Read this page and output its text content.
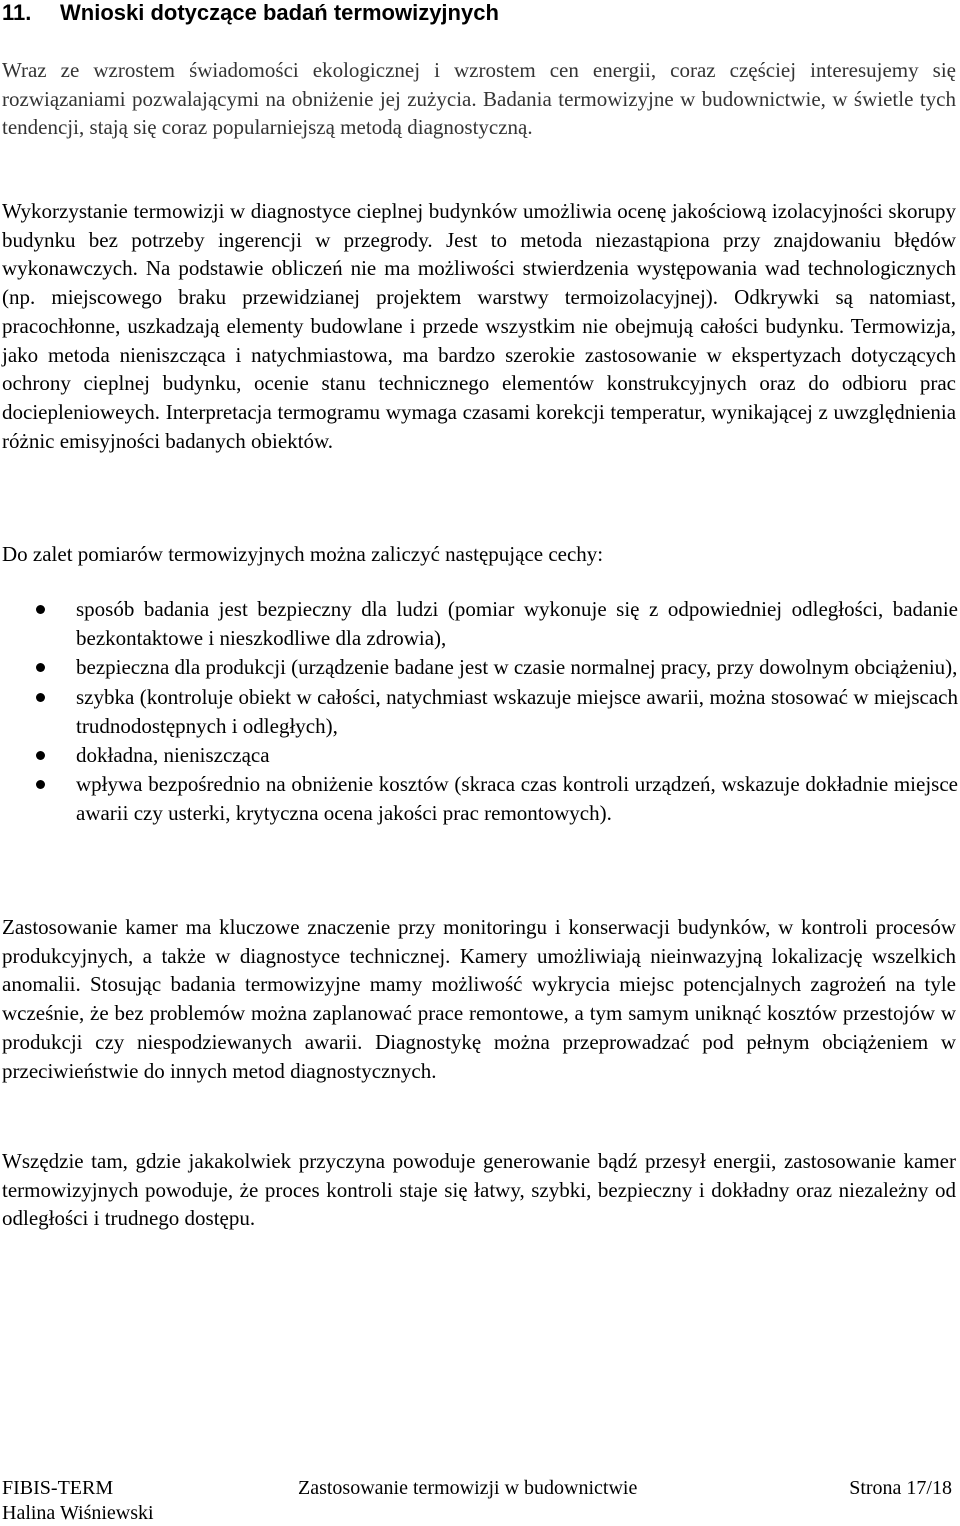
11. Wnioski dotyczące badań termowizyjnych
Wraz ze wzrostem świadomości ekologicznej i wzrostem cen energii, coraz częściej interesujemy się rozwiązaniami pozwalającymi na obniżenie jej zużycia. Badania termowizyjne w budownictwie, w świetle tych tendencji, stają się coraz popularniejszą metodą diagnostyczną.
Wykorzystanie termowizji w diagnostyce cieplnej budynków umożliwia ocenę jakościową izolacyjności skorupy budynku bez potrzeby ingerencji w przegrody. Jest to metoda niezastąpiona przy znajdowaniu błędów wykonawczych. Na podstawie obliczeń nie ma możliwości stwierdzenia występowania wad technologicznych (np. miejscowego braku przewidzianej projektem warstwy termoizolacyjnej). Odkrywki są natomiast, pracochłonne, uszkadzają elementy budowlane i przede wszystkim nie obejmują całości budynku. Termowizja, jako metoda nieniszcząca i natychmiastowa, ma bardzo szerokie zastosowanie w ekspertyzach dotyczących ochrony cieplnej budynku, ocenie stanu technicznego elementów konstrukcyjnych oraz do odbioru prac docieplenioweych. Interpretacja termogramu wymaga czasami korekcji temperatur, wynikającej z uwzględnienia różnic emisyjności badanych obiektów.
Do zalet pomiarów termowizyjnych można zaliczyć następujące cechy:
sposób badania jest bezpieczny dla ludzi (pomiar wykonuje się z odpowiedniej odległości, badanie bezkontaktowe i nieszkodliwe dla zdrowia),
bezpieczna dla produkcji (urządzenie badane jest w czasie normalnej pracy, przy dowolnym obciążeniu),
szybka (kontroluje obiekt w całości, natychmiast wskazuje miejsce awarii, można stosować w miejscach trudnodostępnych i odległych),
dokładna, nieniszcząca
wpływa bezpośrednio na obniżenie kosztów (skraca czas kontroli urządzeń, wskazuje dokładnie miejsce awarii czy usterki, krytyczna ocena jakości prac remontowych).
Zastosowanie kamer ma kluczowe znaczenie przy monitoringu i konserwacji budynków, w kontroli procesów produkcyjnych, a także w diagnostyce technicznej. Kamery umożliwiają nieinwazyjną lokalizację wszelkich anomalii. Stosując badania termowizyjne mamy możliwość wykrycia miejsc potencjalnych zagrożeń na tyle wcześnie, że bez problemów można zaplanować prace remontowe, a tym samym uniknąć kosztów przestojów w produkcji czy niespodziewanych awarii. Diagnostykę można przeprowadzać pod pełnym obciążeniem w przeciwieństwie do innych metod diagnostycznych.
Wszędzie tam, gdzie jakakolwiek przyczyna powoduje generowanie bądź przesył energii, zastosowanie kamer termowizyjnych powoduje, że proces kontroli staje się łatwy, szybki, bezpieczny i dokładny oraz niezależny od odległości i trudnego dostępu.
FIBIS-TERM	Zastosowanie termowizji w budownictwie	Strona 17/18
Halina Wiśniewski
